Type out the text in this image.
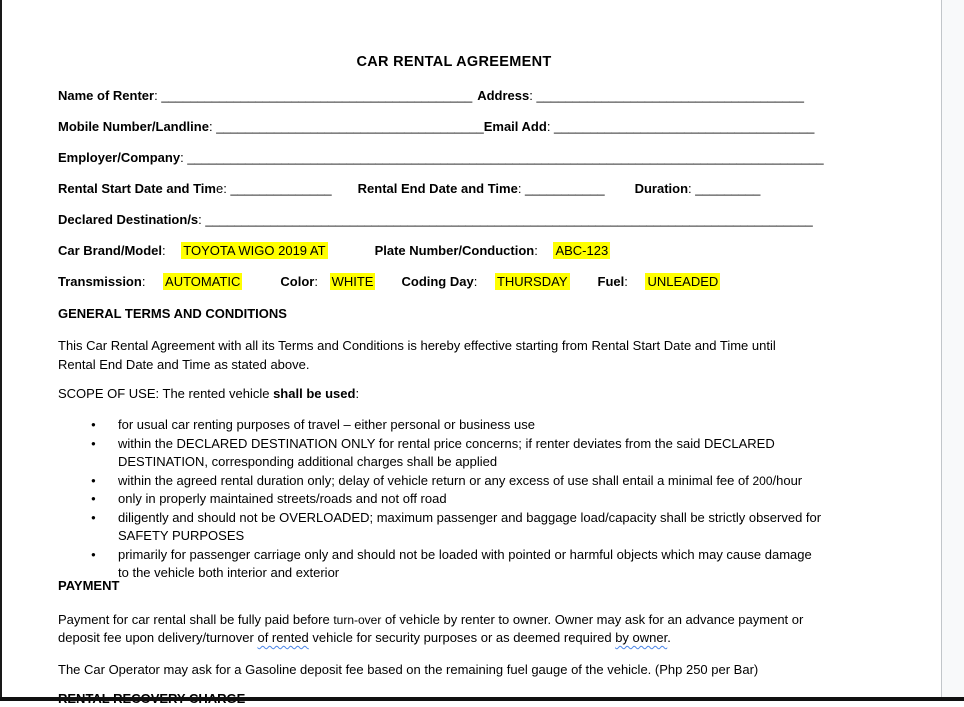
CAR RENTAL AGREEMENT

Name of Renter: ___________________________________________ Address: _____________________________________

Mobile Number/Landline: _____________________________________Email Add: ____________________________________

Employer/Company: ________________________________________________________________________________________

Rental Start Date and Time: ______________ Rental End Date and Time: ___________ Duration: _________

Declared Destination/s: ____________________________________________________________________________________

Car Brand/Model: TOYOTA WIGO 2019 AT	Plate Number/Conduction: ABC-123

Transmission: AUTOMATIC	Color: WHITE Coding Day: THURSDAY Fuel: UNLEADED

GENERAL TERMS AND CONDITIONS

This Car Rental Agreement with all its Terms and Conditions is hereby effective starting from Rental Start Date and Time until
Rental End Date and Time as stated above.

SCOPE OF USE: The rented vehicle shall be used:

● for usual car renting purposes of travel – either personal or business use
● within the DECLARED DESTINATION ONLY for rental price concerns; if renter deviates from the said DECLARED
DESTINATION, corresponding additional charges shall be applied
● within the agreed rental duration only; delay of vehicle return or any excess of use shall entail a minimal fee of 200/hour
● only in properly maintained streets/roads and not off road
● diligently and should not be OVERLOADED; maximum passenger and baggage load/capacity shall be strictly observed for
SAFETY PURPOSES
● primarily for passenger carriage only and should not be loaded with pointed or harmful objects which may cause damage
to the vehicle both interior and exterior

PAYMENT

Payment for car rental shall be fully paid before turn-over of vehicle by renter to owner. Owner may ask for an advance payment or
deposit fee upon delivery/turnover of rented vehicle for security purposes or as deemed required by owner.

The Car Operator may ask for a Gasoline deposit fee based on the remaining fuel gauge of the vehicle. (Php 250 per Bar)
